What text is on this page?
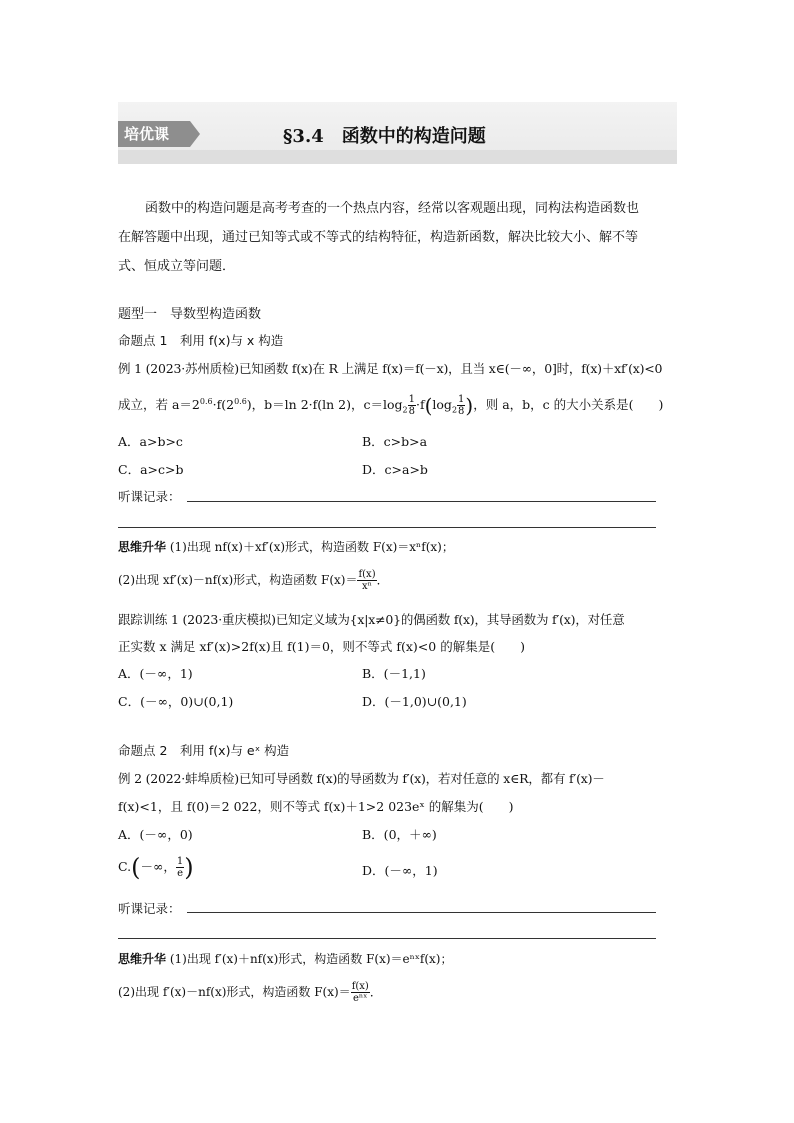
培优课	§3.4　函数中的构造问题
函数中的构造问题是高考考查的一个热点内容，经常以客观题出现，同构法构造函数也
在解答题中出现，通过已知等式或不等式的结构特征，构造新函数，解决比较大小、解不等
式、恒成立等问题．
题型一　导数型构造函数
命题点 1　利用 f(x)与 x 构造
例 1 (2023·苏州质检)已知函数 f(x)在 R 上满足 f(x)＝f(－x)，且当 x∈(－∞，0]时，f(x)＋xf′(x)<0
成立，若 $a=2^{0.6}\cdot f(2^{0.6})$，b＝ln 2·f(ln 2)，$c=\log_2 \frac{1}{8} \cdot f(\log_2 \frac{1}{8}$ )，则 a，b，c 的大小关系是(　　)
A．a>b>c	B．c>b>a
C．a>c>b	D．c>a>b
听课记录：
思维升华 (1)出现 nf(x)＋xf′(x)形式，构造函数 F(x)＝xⁿf(x)；
(2)出现 xf′(x)－nf(x)形式，构造函数 $F(x)= \frac{f(x)}{\text{xⁿ}}$ ．
跟踪训练 1 (2023·重庆模拟)已知定义域为{x|x≠0}的偶函数 f(x)，其导函数为 f′(x)，对任意
正实数 x 满足 xf′(x)>2f(x)且 f(1)＝0，则不等式 f(x)<0 的解集是(　　)
A．(－∞，1)	B．(－1,1)
C．(－∞，0)∪(0,1)	D．(－1,0)∪(0,1)
命题点 2　利用 f(x)与 eˣ 构造
例 2 (2022·蚌埠质检)已知可导函数 f(x)的导函数为 f′(x)，若对任意的 x∈R，都有 f′(x)－
f(x)<1，且 f(0)＝2 022，则不等式 f(x)＋1>2 023eˣ 的解集为(　　)
A．(－∞，0)	B．(0，＋∞)
C.(－∞， $\frac{1}{e}$ )	D．(－∞，1)
听课记录：
思维升华 (1)出现 f′(x)＋nf(x)形式，构造函数 F(x)＝eⁿˣf(x)；
(2)出现 f′(x)－nf(x)形式，构造函数 $F(x)= \frac{f(x)}{\text{eⁿˣ}}$ ．
